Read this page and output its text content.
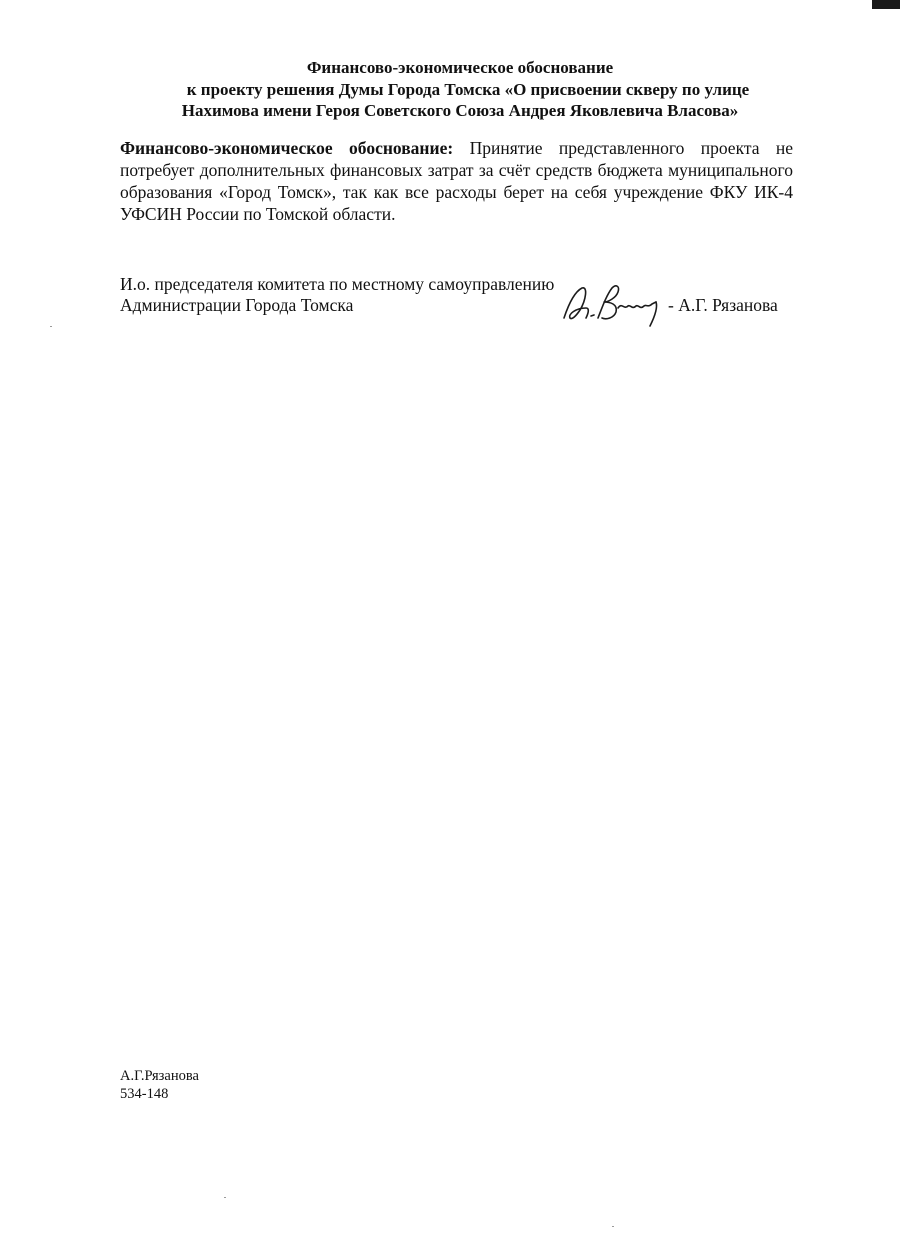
Финансово-экономическое обоснование
к проекту решения Думы Города Томска «О присвоении скверу по улице
Нахимова имени Героя Советского Союза Андрея Яковлевича Власова»
Финансово-экономическое обоснование: Принятие представленного проекта не потребует дополнительных финансовых затрат за счёт средств бюджета муниципального образования «Город Томск», так как все расходы берет на себя учреждение ФКУ ИК-4 УФСИН России по Томской области.
И.о. председателя комитета по местному самоуправлению
Администрации Города Томска	- А.Г. Рязанова
А.Г.Рязанова
534-148
